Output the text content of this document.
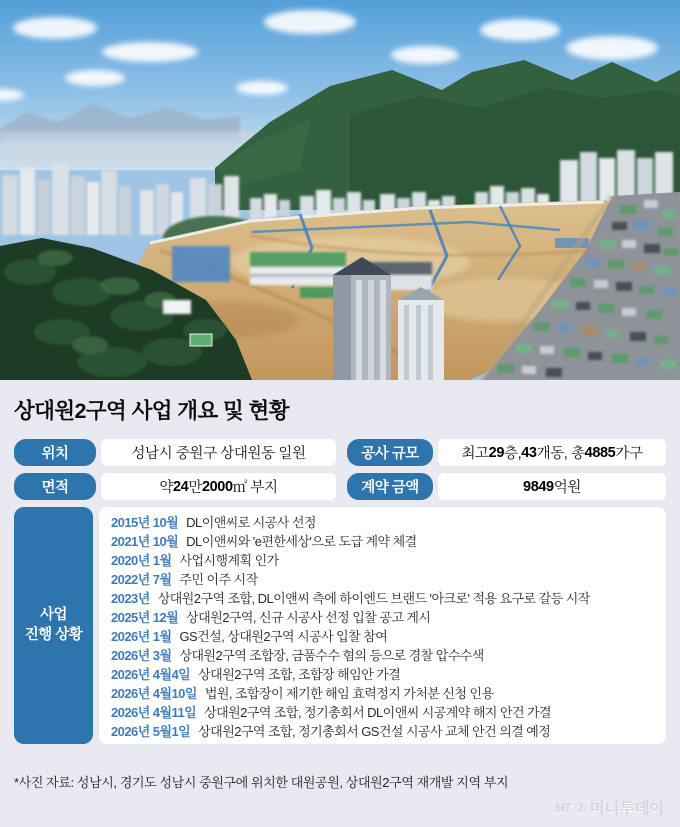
상대원2구역 사업 개요 및 현황
위치	성남시 중원구 상대원동 일원	공사 규모	최고 29 층, 43 개동, 총 4885 가구
면적	약 24 만 2000 ㎡ 부지	계약 금액	9849 억원
사업
진행 상황
2015년 10월 DL이앤씨로 시공사 선정
2021년 10월 DL이앤씨와 'e편한세상'으로 도급 계약 체결
2020년 1월 사업시행계획 인가
2022년 7월 주민 이주 시작
2023년 상대원2구역 조합, DL이앤씨 측에 하이엔드 브랜드 '아크로' 적용 요구로 갈등 시작
2025년 12월 상대원2구역, 신규 시공사 선정 입찰 공고 게시
2026년 1월 GS건설, 상대원2구역 시공사 입찰 참여
2026년 3월 상대원2구역 조합장, 금품수수 혐의 등으로 경찰 압수수색
2026년 4월4일 상대원2구역 조합, 조합장 해임안 가결
2026년 4월10일 법원, 조합장이 제기한 해임 효력정지 가처분 신청 인용
2026년 4월11일 상대원2구역 조합, 정기총회서 DL이앤씨 시공계약 해지 안건 가결
2026년 5월1일 상대원2구역 조합, 정기총회서 GS건설 시공사 교체 안건 의결 예정
*사진 자료: 성남시, 경기도 성남시 중원구에 위치한 대원공원, 상대원2구역 재개발 지역 부지
MT ⑦ 머니투데이
